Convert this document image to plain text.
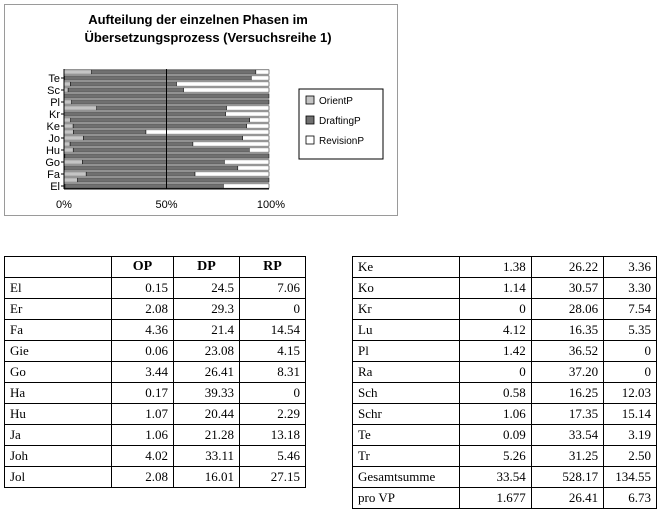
Aufteilung der einzelnen Phasen im
Übersetzungsprozess (Versuchsreihe 1)
El
Fa
Go
Hu
Jo
Ke
Kr
Pl
Sc
Te
0%	50%	100%
OrientP
DraftingP
RevisionP
	OP	DP	RP
El	0.15	24.5	7.06
Er	2.08	29.3	0
Fa	4.36	21.4	14.54
Gie	0.06	23.08	4.15
Go	3.44	26.41	8.31
Ha	0.17	39.33	0
Hu	1.07	20.44	2.29
Ja	1.06	21.28	13.18
Joh	4.02	33.11	5.46
Jol	2.08	16.01	27.15
Ke	1.38	26.22	3.36
Ko	1.14	30.57	3.30
Kr	0	28.06	7.54
Lu	4.12	16.35	5.35
Pl	1.42	36.52	0
Ra	0	37.20	0
Sch	0.58	16.25	12.03
Schr	1.06	17.35	15.14
Te	0.09	33.54	3.19
Tr	5.26	31.25	2.50
Gesamtsumme	33.54	528.17	134.55
pro VP	1.677	26.41	6.73
